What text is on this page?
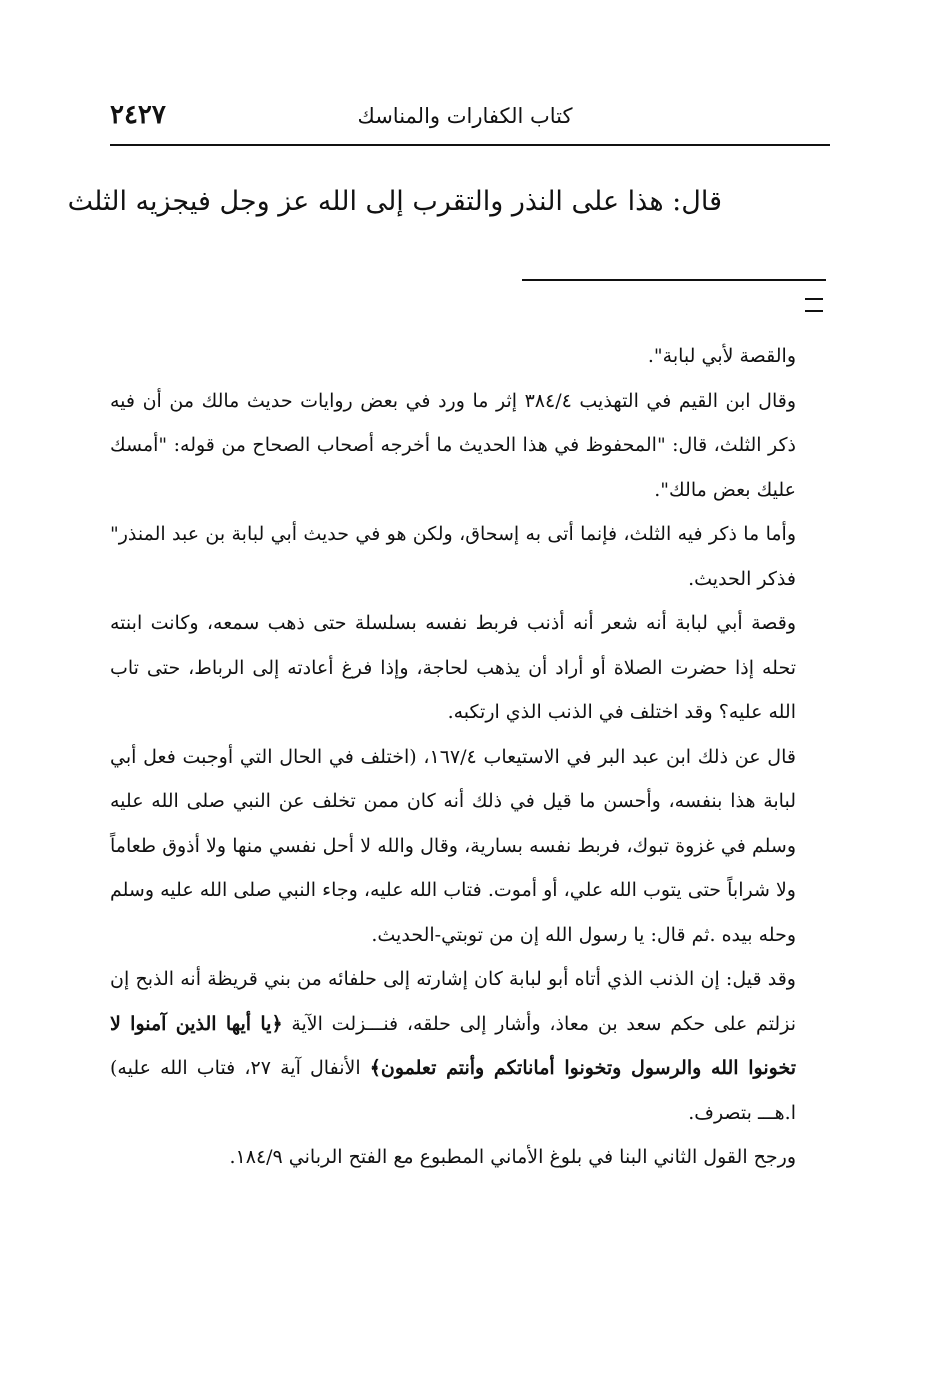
٢٤٢٧	كتاب الكفارات والمناسك
قال: هذا على النذر والتقرب إلى الله عز وجل فيجزيه الثلث

والقصة لأبي لبابة".

وقال ابن القيم في التهذيب ٣٨٤/٤ إثر ما ورد في بعض روايات حديث مالك من أن فيه ذكر الثلث، قال: "المحفوظ في هذا الحديث ما أخرجه أصحاب الصحاح من قوله: "أمسك عليك بعض مالك".

وأما ما ذكر فيه الثلث، فإنما أتى به إسحاق، ولكن هو في حديث أبي لبابة بن عبد المنذر" فذكر الحديث.

وقصة أبي لبابة أنه شعر أنه أذنب فربط نفسه بسلسلة حتى ذهب سمعه، وكانت ابنته تحله إذا حضرت الصلاة أو أراد أن يذهب لحاجة، وإذا فرغ أعادته إلى الرباط، حتى تاب الله عليه؟ وقد اختلف في الذنب الذي ارتكبه.

قال عن ذلك ابن عبد البر في الاستيعاب ١٦٧/٤، (اختلف في الحال التي أوجبت فعل أبي لبابة هذا بنفسه، وأحسن ما قيل في ذلك أنه كان ممن تخلف عن النبي صلى الله عليه وسلم في غزوة تبوك، فربط نفسه بسارية، وقال والله لا أحل نفسي منها ولا أذوق طعاماً ولا شراباً حتى يتوب الله علي، أو أموت. فتاب الله عليه، وجاء النبي صلى الله عليه وسلم وحله بيده .ثم قال: يا رسول الله إن من توبتي-الحديث.

وقد قيل: إن الذنب الذي أتاه أبو لبابة كان إشارته إلى حلفائه من بني قريظة أنه الذبح إن نزلتم على حكم سعد بن معاذ، وأشار إلى حلقه، فنـــزلت الآية ﴿يا أيها الذين آمنوا لا تخونوا الله والرسول وتخونوا أماناتكم وأنتم تعلمون﴾ الأنفال آية ٢٧، فتاب الله عليه) ا.هـــ بتصرف.

ورجح القول الثاني البنا في بلوغ الأماني المطبوع مع الفتح الرباني ١٨٤/٩.
